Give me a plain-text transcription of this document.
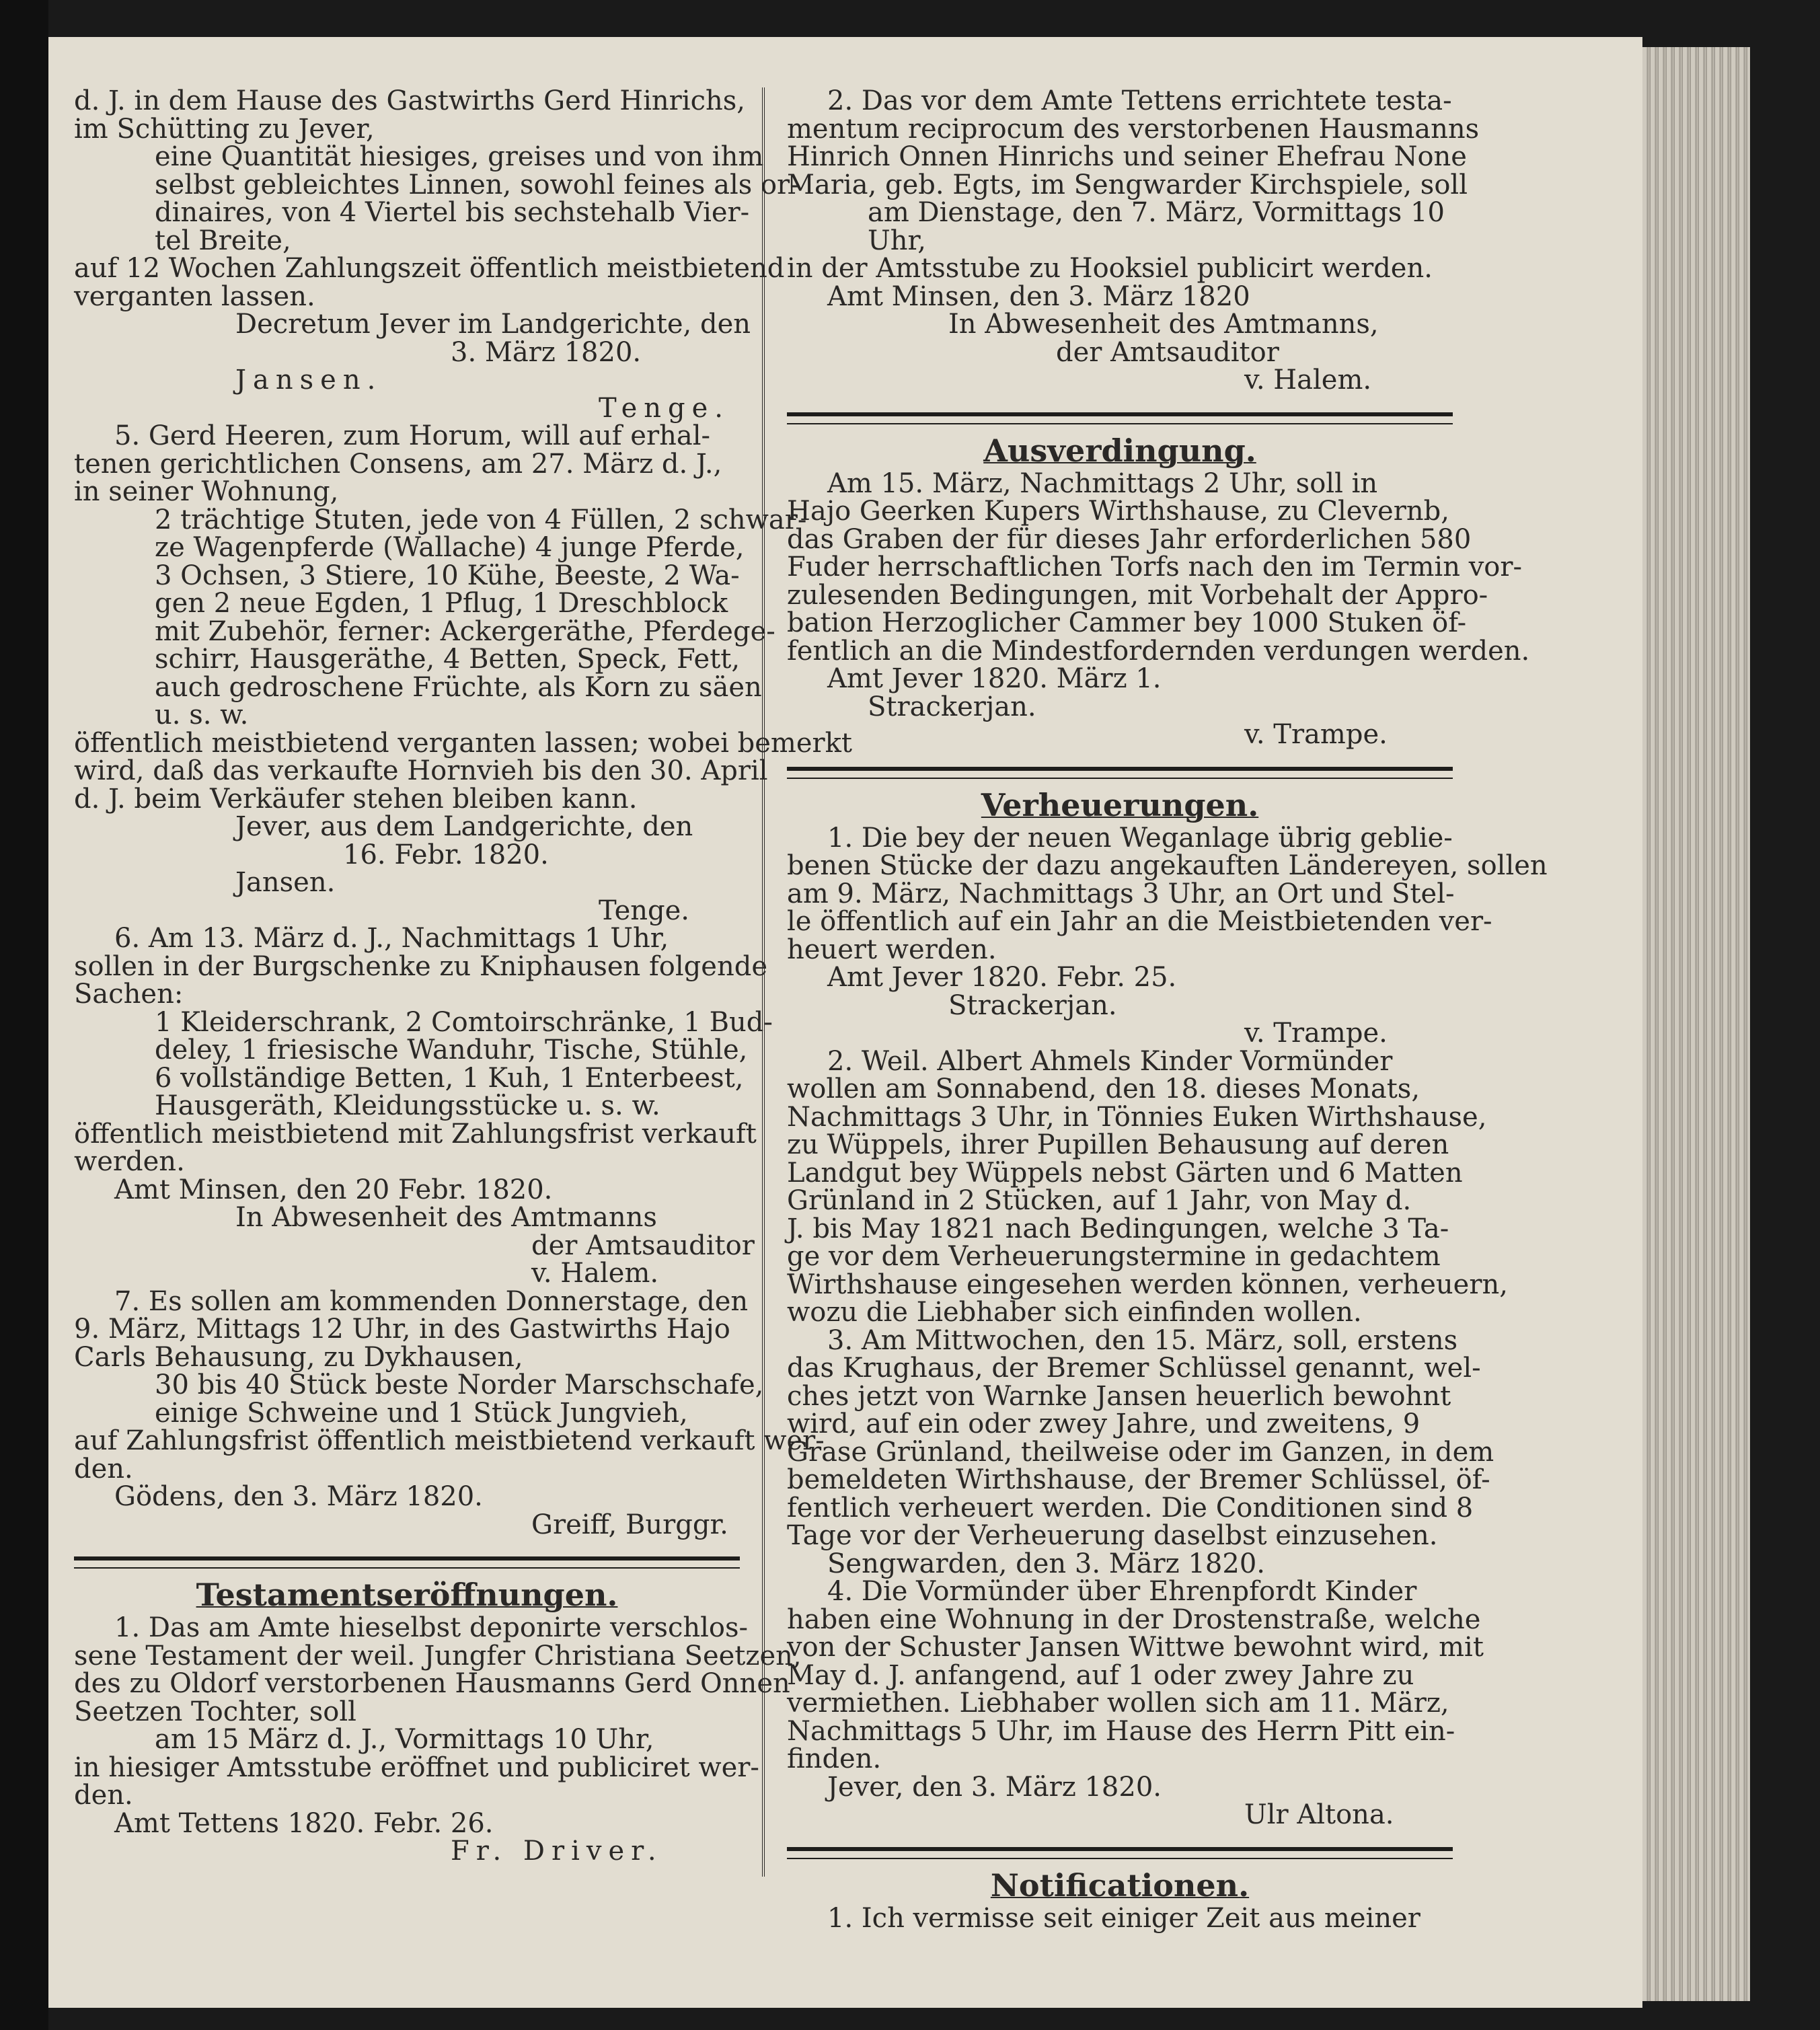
d. J. in dem Hause des Gastwirths Gerd Hinrichs,
im Schütting zu Jever,
eine Quantität hiesiges, greises und von ihm
selbst gebleichtes Linnen, sowohl feines als or-
dinaires, von 4 Viertel bis sechstehalb Vier-
tel Breite,
auf 12 Wochen Zahlungszeit öffentlich meistbietend
verganten lassen.
Decretum Jever im Landgerichte, den
3. März 1820.
Jansen.
Tenge.
5. Gerd Heeren, zum Horum, will auf erhal-
tenen gerichtlichen Consens, am 27. März d. J.,
in seiner Wohnung,
2 trächtige Stuten, jede von 4 Füllen, 2 schwar-
ze Wagenpferde (Wallache) 4 junge Pferde,
3 Ochsen, 3 Stiere, 10 Kühe, Beeste, 2 Wa-
gen 2 neue Egden, 1 Pflug, 1 Dreschblock
mit Zubehör, ferner: Ackergeräthe, Pferdege-
schirr, Hausgeräthe, 4 Betten, Speck, Fett,
auch gedroschene Früchte, als Korn zu säen
u. s. w.
öffentlich meistbietend verganten lassen; wobei bemerkt
wird, daß das verkaufte Hornvieh bis den 30. April
d. J. beim Verkäufer stehen bleiben kann.
Jever, aus dem Landgerichte, den
16. Febr. 1820.
Jansen.
Tenge.
6. Am 13. März d. J., Nachmittags 1 Uhr,
sollen in der Burgschenke zu Kniphausen folgende
Sachen:
1 Kleiderschrank, 2 Comtoirschränke, 1 Bud-
deley, 1 friesische Wanduhr, Tische, Stühle,
6 vollständige Betten, 1 Kuh, 1 Enterbeest,
Hausgeräth, Kleidungsstücke u. s. w.
öffentlich meistbietend mit Zahlungsfrist verkauft
werden.
Amt Minsen, den 20 Febr. 1820.
In Abwesenheit des Amtmanns
der Amtsauditor
v. Halem.
7. Es sollen am kommenden Donnerstage, den
9. März, Mittags 12 Uhr, in des Gastwirths Hajo
Carls Behausung, zu Dykhausen,
30 bis 40 Stück beste Norder Marschschafe,
einige Schweine und 1 Stück Jungvieh,
auf Zahlungsfrist öffentlich meistbietend verkauft wer-
den.
Gödens, den 3. März 1820.
Greiff, Burggr.
Testamentseröffnungen.
1. Das am Amte hieselbst deponirte verschlos-
sene Testament der weil. Jungfer Christiana Seetzen,
des zu Oldorf verstorbenen Hausmanns Gerd Onnen
Seetzen Tochter, soll
am 15 März d. J., Vormittags 10 Uhr,
in hiesiger Amtsstube eröffnet und publiciret wer-
den.
Amt Tettens 1820. Febr. 26.
Fr. Driver.
2. Das vor dem Amte Tettens errichtete testa-
mentum reciprocum des verstorbenen Hausmanns
Hinrich Onnen Hinrichs und seiner Ehefrau None
Maria, geb. Egts, im Sengwarder Kirchspiele, soll
am Dienstage, den 7. März, Vormittags 10
Uhr,
in der Amtsstube zu Hooksiel publicirt werden.
Amt Minsen, den 3. März 1820
In Abwesenheit des Amtmanns,
der Amtsauditor
v. Halem.
Ausverdingung.
Am 15. März, Nachmittags 2 Uhr, soll in
Hajo Geerken Kupers Wirthshause, zu Clevernb,
das Graben der für dieses Jahr erforderlichen 580
Fuder herrschaftlichen Torfs nach den im Termin vor-
zulesenden Bedingungen, mit Vorbehalt der Appro-
bation Herzoglicher Cammer bey 1000 Stuken öf-
fentlich an die Mindestfordernden verdungen werden.
Amt Jever 1820. März 1.
Strackerjan.
v. Trampe.
Verheuerungen.
1. Die bey der neuen Weganlage übrig geblie-
benen Stücke der dazu angekauften Ländereyen, sollen
am 9. März, Nachmittags 3 Uhr, an Ort und Stel-
le öffentlich auf ein Jahr an die Meistbietenden ver-
heuert werden.
Amt Jever 1820. Febr. 25.
Strackerjan.
v. Trampe.
2. Weil. Albert Ahmels Kinder Vormünder
wollen am Sonnabend, den 18. dieses Monats,
Nachmittags 3 Uhr, in Tönnies Euken Wirthshause,
zu Wüppels, ihrer Pupillen Behausung auf deren
Landgut bey Wüppels nebst Gärten und 6 Matten
Grünland in 2 Stücken, auf 1 Jahr, von May d.
J. bis May 1821 nach Bedingungen, welche 3 Ta-
ge vor dem Verheuerungstermine in gedachtem
Wirthshause eingesehen werden können, verheuern,
wozu die Liebhaber sich einfinden wollen.
3. Am Mittwochen, den 15. März, soll, erstens
das Krughaus, der Bremer Schlüssel genannt, wel-
ches jetzt von Warnke Jansen heuerlich bewohnt
wird, auf ein oder zwey Jahre, und zweitens, 9
Grase Grünland, theilweise oder im Ganzen, in dem
bemeldeten Wirthshause, der Bremer Schlüssel, öf-
fentlich verheuert werden. Die Conditionen sind 8
Tage vor der Verheuerung daselbst einzusehen.
Sengwarden, den 3. März 1820.
4. Die Vormünder über Ehrenpfordt Kinder
haben eine Wohnung in der Drostenstraße, welche
von der Schuster Jansen Wittwe bewohnt wird, mit
May d. J. anfangend, auf 1 oder zwey Jahre zu
vermiethen. Liebhaber wollen sich am 11. März,
Nachmittags 5 Uhr, im Hause des Herrn Pitt ein-
finden.
Jever, den 3. März 1820.
Ulr Altona.
Notificationen.
1. Ich vermisse seit einiger Zeit aus meiner
